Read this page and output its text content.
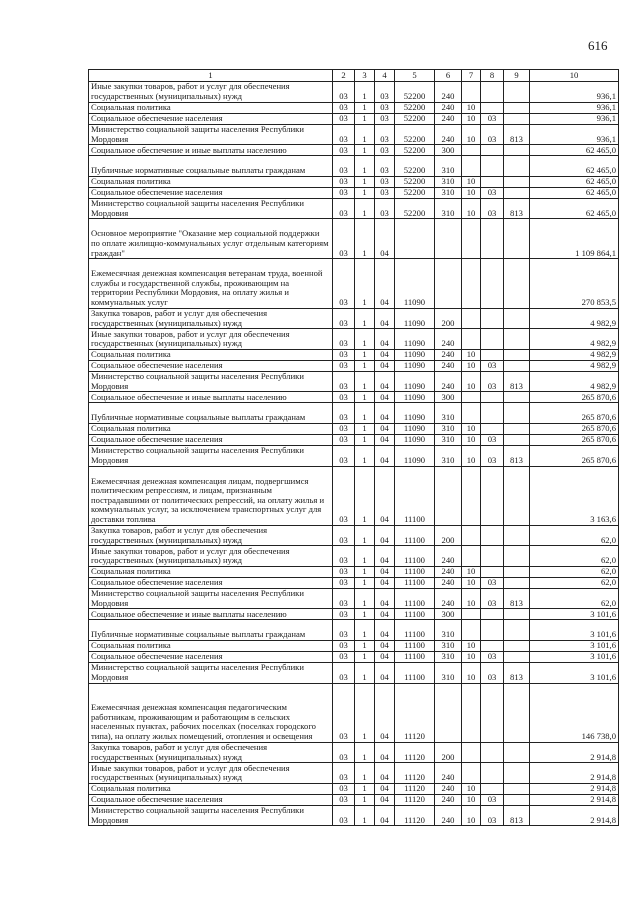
616
1	2	3	4	5	6	7	8	9	10
Иные закупки товаров, работ и услуг для обеспечения государственных (муниципальных) нужд	03	1	03	52200	240				936,1
Социальная политика	03	1	03	52200	240	10			936,1
Социальное обеспечение населения	03	1	03	52200	240	10	03		936,1
Министерство социальной защиты населения Республики Мордовия	03	1	03	52200	240	10	03	813	936,1
Социальное обеспечение и иные выплаты населению	03	1	03	52200	300				62 465,0
Публичные нормативные социальные выплаты гражданам	03	1	03	52200	310				62 465,0
Социальная политика	03	1	03	52200	310	10			62 465,0
Социальное обеспечение населения	03	1	03	52200	310	10	03		62 465,0
Министерство социальной защиты населения Республики Мордовия	03	1	03	52200	310	10	03	813	62 465,0
Основное мероприятие "Оказание мер социальной поддержки по оплате жилищно-коммунальных услуг отдельным категориям граждан"	03	1	04						1 109 864,1
Ежемесячная денежная компенсация ветеранам труда, военной службы и государственной службы, проживающим на территории Республики Мордовия, на оплату жилья и коммунальных услуг	03	1	04	11090					270 853,5
Закупка товаров, работ и услуг для обеспечения государственных (муниципальных) нужд	03	1	04	11090	200				4 982,9
Иные закупки товаров, работ и услуг для обеспечения государственных (муниципальных) нужд	03	1	04	11090	240				4 982,9
Социальная политика	03	1	04	11090	240	10			4 982,9
Социальное обеспечение населения	03	1	04	11090	240	10	03		4 982,9
Министерство социальной защиты населения Республики Мордовия	03	1	04	11090	240	10	03	813	4 982,9
Социальное обеспечение и иные выплаты населению	03	1	04	11090	300				265 870,6
Публичные нормативные социальные выплаты гражданам	03	1	04	11090	310				265 870,6
Социальная политика	03	1	04	11090	310	10			265 870,6
Социальное обеспечение населения	03	1	04	11090	310	10	03		265 870,6
Министерство социальной защиты населения Республики Мордовия	03	1	04	11090	310	10	03	813	265 870,6
Ежемесячная денежная компенсация лицам, подвергшимся политическим репрессиям, и лицам, признанным пострадавшими от политических репрессий, на оплату жилья и коммунальных услуг, за исключением транспортных услуг для доставки топлива	03	1	04	11100					3 163,6
Закупка товаров, работ и услуг для обеспечения государственных (муниципальных) нужд	03	1	04	11100	200				62,0
Иные закупки товаров, работ и услуг для обеспечения государственных (муниципальных) нужд	03	1	04	11100	240				62,0
Социальная политика	03	1	04	11100	240	10			62,0
Социальное обеспечение населения	03	1	04	11100	240	10	03		62,0
Министерство социальной защиты населения Республики Мордовия	03	1	04	11100	240	10	03	813	62,0
Социальное обеспечение и иные выплаты населению	03	1	04	11100	300				3 101,6
Публичные нормативные социальные выплаты гражданам	03	1	04	11100	310				3 101,6
Социальная политика	03	1	04	11100	310	10			3 101,6
Социальное обеспечение населения	03	1	04	11100	310	10	03		3 101,6
Министерство социальной защиты населения Республики Мордовия	03	1	04	11100	310	10	03	813	3 101,6
Ежемесячная денежная компенсация педагогическим работникам, проживающим и работающим в сельских населенных пунктах, рабочих поселках (поселках городского типа), на оплату жилых помещений, отопления и освещения	03	1	04	11120					146 738,0
Закупка товаров, работ и услуг для обеспечения государственных (муниципальных) нужд	03	1	04	11120	200				2 914,8
Иные закупки товаров, работ и услуг для обеспечения государственных (муниципальных) нужд	03	1	04	11120	240				2 914,8
Социальная политика	03	1	04	11120	240	10			2 914,8
Социальное обеспечение населения	03	1	04	11120	240	10	03		2 914,8
Министерство социальной защиты населения Республики Мордовия	03	1	04	11120	240	10	03	813	2 914,8
